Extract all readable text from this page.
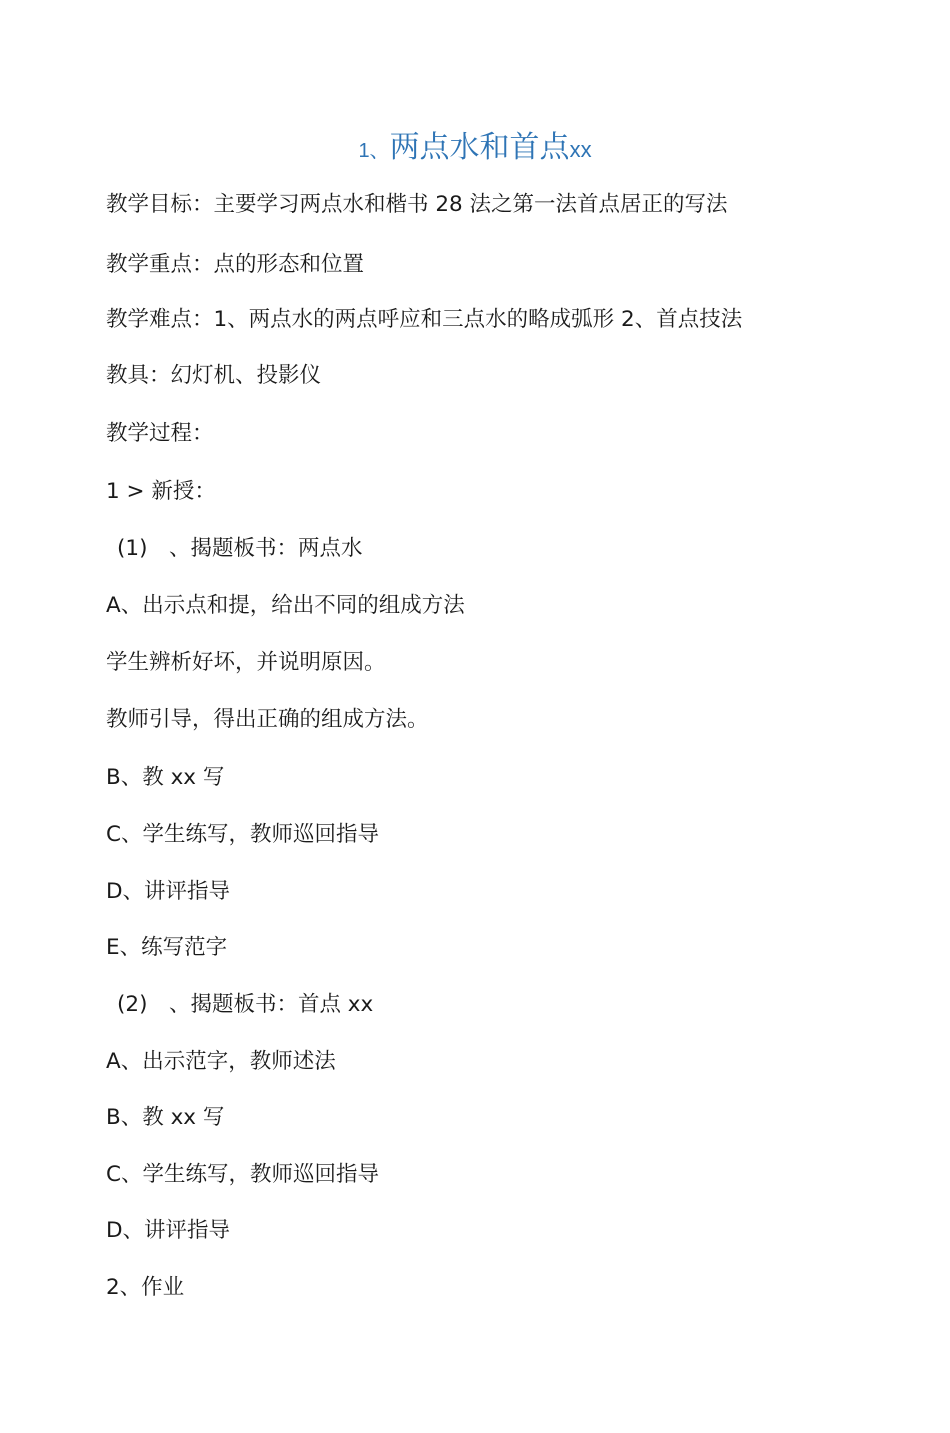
1、两点水和首点xx
教学目标：主要学习两点水和楷书 28 法之第一法首点居正的写法
教学重点：点的形态和位置
教学难点：1、两点水的两点呼应和三点水的略成弧形 2、首点技法
教具：幻灯机、投影仪
教学过程：
1 > 新授：
(1)　、揭题板书：两点水
A、出示点和提，给出不同的组成方法
学生辨析好坏，并说明原因。
教师引导，得出正确的组成方法。
B、教 xx 写
C、学生练写，教师巡回指导
D、讲评指导
E、练写范字
(2)　、揭题板书：首点 xx
A、出示范字，教师述法
B、教 xx 写
C、学生练写，教师巡回指导
D、讲评指导
2、作业
